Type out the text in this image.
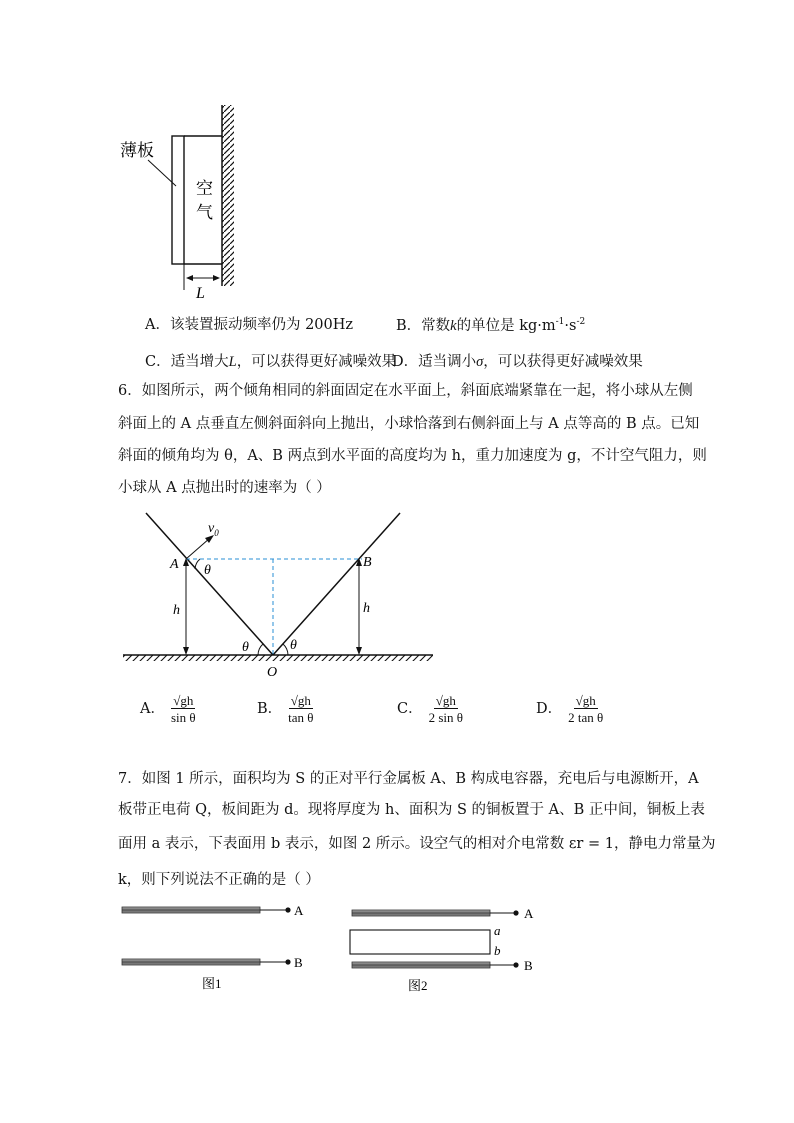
薄板
空
气
L
A．该装置振动频率仍为 200Hz	B．常数k的单位是 $kg\cdot m^{-1}\cdot s^{-2}$
C．适当增大L，可以获得更好减噪效果
D．适当调小σ，可以获得更好减噪效果
6．如图所示，两个倾角相同的斜面固定在水平面上，斜面底端紧靠在一起，将小球从左侧
斜面上的 A 点垂直左侧斜面斜向上抛出，小球恰落到右侧斜面上与 A 点等高的 B 点。已知
斜面的倾角均为 θ，A、B 两点到水平面的高度均为 h，重力加速度为 g，不计空气阻力，则
小球从 A 点抛出时的速率为（ ）
A	B
O
h	h
θ
θ	θ
$v_0$
A． $\frac{√gh}{\text{sin θ}}$	B． $\frac{√gh}{\text{tan θ}}$	C． $\frac{√gh}{\text{2 sin θ}}$	D． $\frac{√gh}{\text{2 tan θ}}$
7．如图 1 所示，面积均为 S 的正对平行金属板 A、B 构成电容器，充电后与电源断开，A
板带正电荷 Q，板间距为 d。现将厚度为 h、面积为 S 的铜板置于 A、B 正中间，铜板上表
面用 a 表示，下表面用 b 表示，如图 2 所示。设空气的相对介电常数 εr = 1，静电力常量为
k，则下列说法不正确的是（ ）
A
B
图1
A
a
b
B
图2
